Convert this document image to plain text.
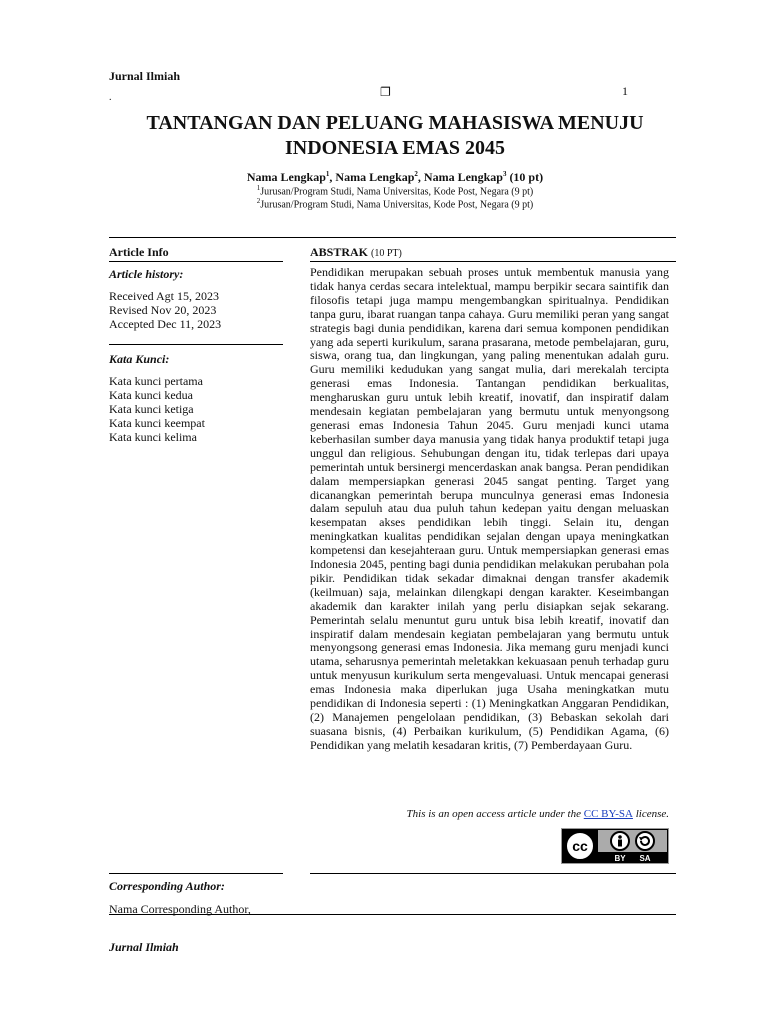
Jurnal Ilmiah
.	❐	1
TANTANGAN DAN PELUANG MAHASISWA MENUJU
INDONESIA EMAS 2045
Nama Lengkap$^1$, Nama Lengkap$^2$, Nama Lengkap$^3$ (10 pt)
$^1$Jurusan/Program Studi, Nama Universitas, Kode Post, Negara (9 pt)
$^2$Jurusan/Program Studi, Nama Universitas, Kode Post, Negara (9 pt)
Article Info	ABSTRAK (10 PT)
Article history:
Received Agt 15, 2023
Revised Nov 20, 2023
Accepted Dec 11, 2023
Kata Kunci:
Kata kunci pertama
Kata kunci kedua
Kata kunci ketiga
Kata kunci keempat
Kata kunci kelima
Pendidikan merupakan sebuah proses untuk membentuk manusia yang tidak hanya cerdas secara intelektual, mampu berpikir secara saintifik dan filosofis tetapi juga mampu mengembangkan spiritualnya. Pendidikan tanpa guru, ibarat ruangan tanpa cahaya. Guru memiliki peran yang sangat strategis bagi dunia pendidikan, karena dari semua komponen pendidikan yang ada seperti kurikulum, sarana prasarana, metode pembelajaran, guru, siswa, orang tua, dan lingkungan, yang paling menentukan adalah guru. Guru memiliki kedudukan yang sangat mulia, dari merekalah tercipta generasi emas Indonesia. Tantangan pendidikan berkualitas, mengharuskan guru untuk lebih kreatif, inovatif, dan inspiratif dalam mendesain kegiatan pembelajaran yang bermutu untuk menyongsong generasi emas Indonesia Tahun 2045. Guru menjadi kunci utama keberhasilan sumber daya manusia yang tidak hanya produktif tetapi juga unggul dan religious. Sehubungan dengan itu, tidak terlepas dari upaya pemerintah untuk bersinergi mencerdaskan anak bangsa. Peran pendidikan dalam mempersiapkan generasi 2045 sangat penting. Target yang dicanangkan pemerintah berupa munculnya generasi emas Indonesia dalam sepuluh atau dua puluh tahun kedepan yaitu dengan meluaskan kesempatan akses pendidikan lebih tinggi. Selain itu, dengan meningkatkan kualitas pendidikan sejalan dengan upaya meningkatkan kompetensi dan kesejahteraan guru. Untuk mempersiapkan generasi emas Indonesia 2045, penting bagi dunia pendidikan melakukan perubahan pola pikir. Pendidikan tidak sekadar dimaknai dengan transfer akademik (keilmuan) saja, melainkan dilengkapi dengan karakter. Keseimbangan akademik dan karakter inilah yang perlu disiapkan sejak sekarang. Pemerintah selalu menuntut guru untuk bisa lebih kreatif, inovatif dan inspiratif dalam mendesain kegiatan pembelajaran yang bermutu untuk menyongsong generasi emas Indonesia. Jika memang guru menjadi kunci utama, seharusnya pemerintah meletakkan kekuasaan penuh terhadap guru untuk menyusun kurikulum serta mengevaluasi. Untuk mencapai generasi emas Indonesia maka diperlukan juga Usaha meningkatkan mutu pendidikan di Indonesia seperti : (1) Meningkatkan Anggaran Pendidikan, (2) Manajemen pengelolaan pendidikan, (3) Bebaskan sekolah dari suasana bisnis, (4) Perbaikan kurikulum, (5) Pendidikan Agama, (6) Pendidikan yang melatih kesadaran kritis, (7) Pemberdayaan Guru.
This is an open access article under the CC BY-SA license.
cc
BY SA
Corresponding Author:
Nama Corresponding Author,
Jurnal Ilmiah
